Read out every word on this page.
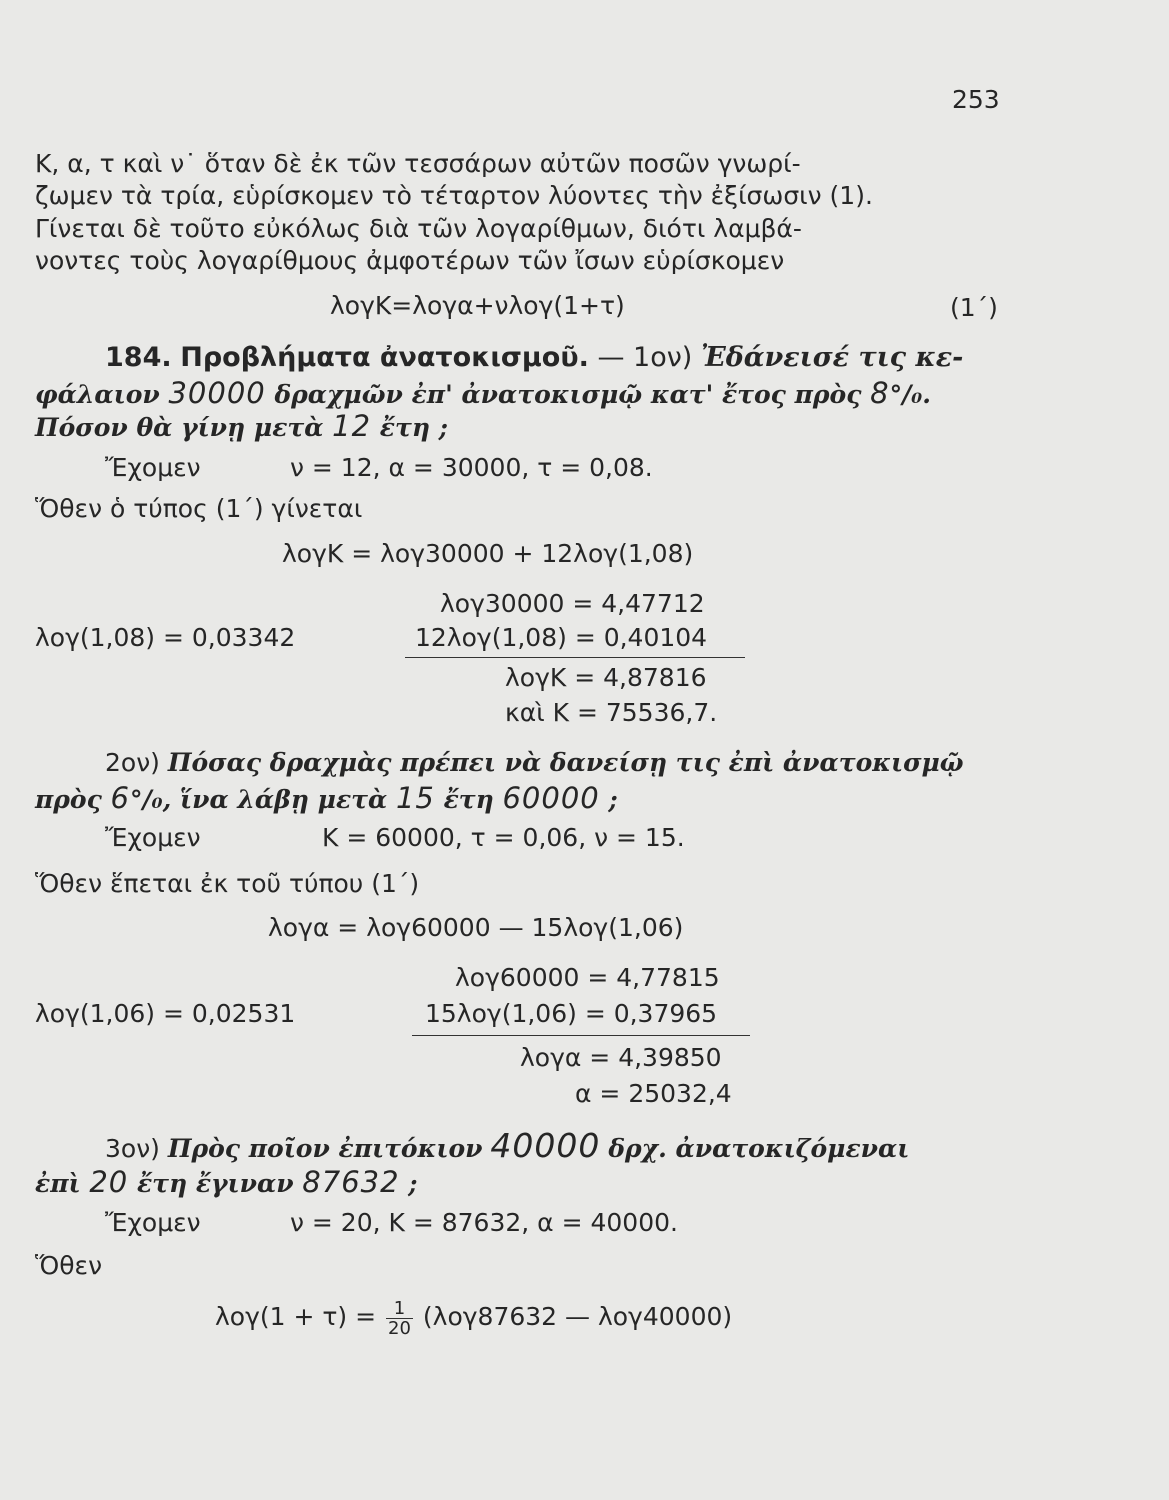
253
Κ, α, τ καὶ ν˙ ὅταν δὲ ἐκ τῶν τεσσάρων αὐτῶν ποσῶν γνωρί-
ζωμεν τὰ τρία, εὑρίσκομεν τὸ τέταρτον λύοντες τὴν ἐξίσωσιν (1).
Γίνεται δὲ τοῦτο εὐκόλως διὰ τῶν λογαρίθμων, διότι λαμβά-
νοντες τοὺς λογαρίθμους ἀμφοτέρων τῶν ἴσων εὑρίσκομεν
λογΚ=λογα+νλογ(1+τ)	(1΄)
184. Προβλήματα ἀνατοκισμοῦ. — 1ον) Ἐδάνεισέ τις κε-
φάλαιον 30000 δραχμῶν ἐπ' ἀνατοκισμῷ κατ' ἔτος πρὸς 8°/₀.
Πόσον θὰ γίνῃ μετὰ 12 ἔτη ;
Ἔχομεν	ν = 12, α = 30000, τ = 0,08.
Ὅθεν ὁ τύπος (1΄) γίνεται
λογΚ = λογ30000 + 12λογ(1,08)
λογ30000 = 4,47712
λογ(1,08) = 0,03342	12λογ(1,08) = 0,40104
λογΚ = 4,87816
καὶ Κ = 75536,7.
2ον) Πόσας δραχμὰς πρέπει νὰ δανείσῃ τις ἐπὶ ἀνατοκισμῷ
πρὸς 6°/₀, ἵνα λάβῃ μετὰ 15 ἔτη 60000 ;
Ἔχομεν	Κ = 60000, τ = 0,06, ν = 15.
Ὅθεν ἕπεται ἐκ τοῦ τύπου (1΄)
λογα = λογ60000 — 15λογ(1,06)
λογ60000 = 4,77815
λογ(1,06) = 0,02531	15λογ(1,06) = 0,37965
λογα = 4,39850
α = 25032,4
3ον) Πρὸς ποῖον ἐπιτόκιον 40000 δρχ. ἀνατοκιζόμεναι
ἐπὶ 20 ἔτη ἔγιναν 87632 ;
Ἔχομεν	ν = 20, Κ = 87632, α = 40000.
Ὅθεν
$\lambda o\gamma(1 + \tau) = \frac{1}{20} (\lambda o\gamma 87632$ — λογ40000)
